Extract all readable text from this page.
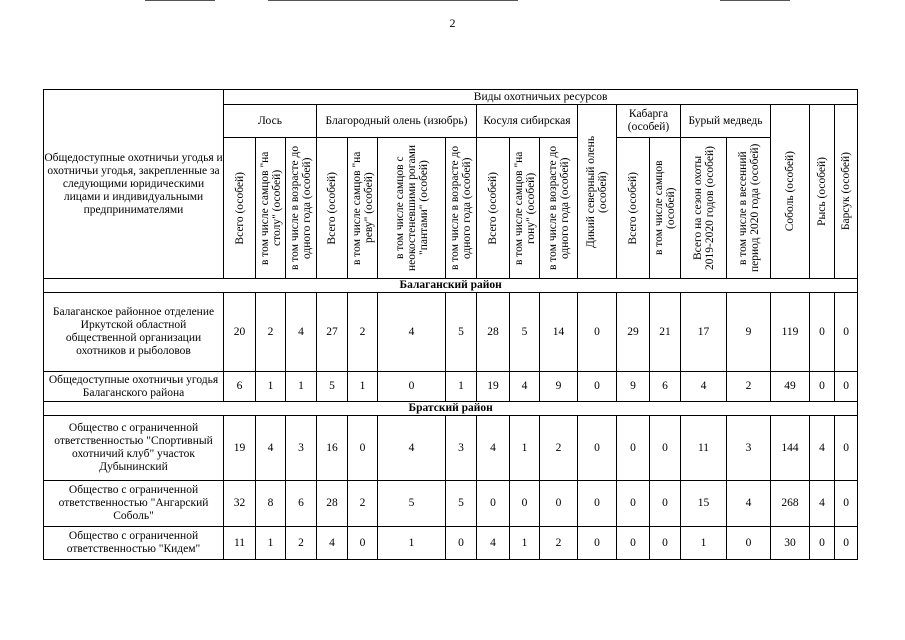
2
Общедоступные охотничьи угодья и охотничьи угодья, закрепленные за следующими юридическими лицами и индивидуальными предпринимателями	Виды охотничьих ресурсов																	
	Лось			Благородный олень (изюбрь)				Косуля сибирская			Дикий северный олень (особей)	Кабарга (особей)		Бурый медведь		Соболь (особей)	Рысь (особей)	Барсук (особей)

	Всего (особей)	в том числе самцов "на столу" (особей)	в том числе в возрасте до одного года (особей)	Всего (особей)	в том числе самцов "на реву" (особей)	в том числе самцов с неокостеневшими рогами "пантами" (особей)	в том числе в возрасте до одного года (особей)	Всего (особей)	в том числе самцов "на гону" (особей)	в том числе в возрасте до одного года (особей)		Всего (особей)	в том числе самцов (особей)	Всего на сезон охоты 2019-2020 годов (особей)	в том числе в весенний период 2020 года (особей)			

Балаганский район																		
Балаганское районное отделение Иркутской областной общественной организации охотников и рыболовов	20	2	4	27	2	4	5	28	5	14	0	29	21	17	9	119	0	0
Общедоступные охотничьи угодья Балаганского района	6	1	1	5	1	0	1	19	4	9	0	9	6	4	2	49	0	0
Братский район																		
Общество с ограниченной ответственностью "Спортивный охотничий клуб" участок Дубынинский	19	4	3	16	0	4	3	4	1	2	0	0	0	11	3	144	4	0
Общество с ограниченной ответственностью "Ангарский Соболь"	32	8	6	28	2	5	5	0	0	0	0	0	0	15	4	268	4	0
Общество с ограниченной ответственностью "Кидем"	11	1	2	4	0	1	0	4	1	2	0	0	0	1	0	30	0	0
